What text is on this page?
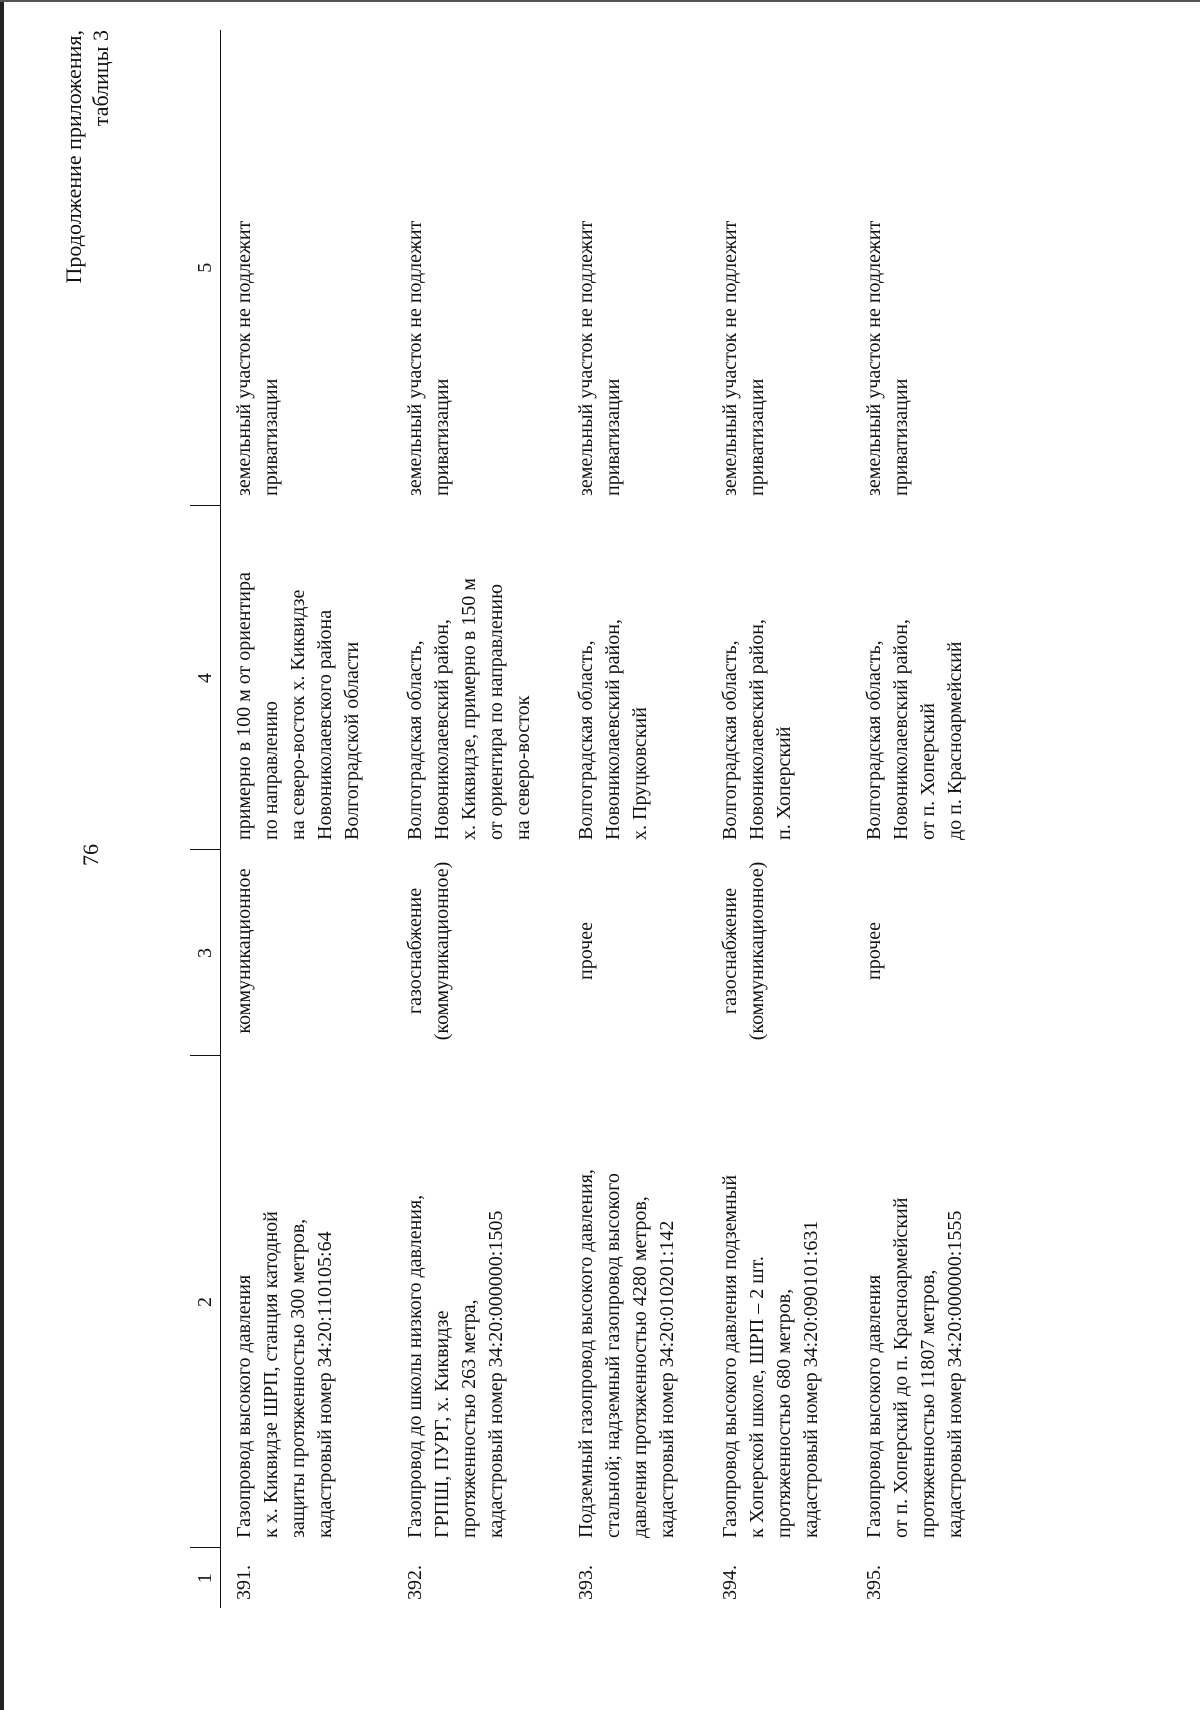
76
Продолжение приложения, таблицы 3
1	2	3	4	5
391.	Газопровод высокого давления
к х. Киквидзе ШРП, станция катодной
защиты протяженностью 300 метров,
кадастровый номер 34:20:110105:64	коммуникационное	примерно в 100 м от ориентира
по направлению
на северо-восток х. Киквидзе
Новониколаевского района
Волгоградской области	земельный участок не подлежит
приватизации
392.	Газопровод до школы низкого давления,
ГРПШ, ПУРГ, х. Киквидзе
протяженностью 263 метра,
кадастровый номер 34:20:000000:1505	газоснабжение (коммуникационное)	Волгоградская область,
Новониколаевский район,
х. Киквидзе, примерно в 150 м
от ориентира по направлению
на северо-восток	земельный участок не подлежит
приватизации
393.	Подземный газопровод высокого давления,
стальной; надземный газопровод высокого
давления протяженностью 4280 метров,
кадастровый номер 34:20:010201:142	прочее	Волгоградская область,
Новониколаевский район,
х. Пруцковский	земельный участок не подлежит
приватизации
394.	Газопровод высокого давления подземный
к Хоперской школе, ШРП – 2 шт.
протяженностью 680 метров,
кадастровый номер 34:20:090101:631	газоснабжение (коммуникационное)	Волгоградская область,
Новониколаевский район,
п. Хоперский	земельный участок не подлежит
приватизации
395.	Газопровод высокого давления
от п. Хоперский до п. Красноармейский
протяженностью 11807 метров,
кадастровый номер 34:20:000000:1555	прочее	Волгоградская область,
Новониколаевский район,
от п. Хоперский
до п. Красноармейский	земельный участок не подлежит
приватизации
